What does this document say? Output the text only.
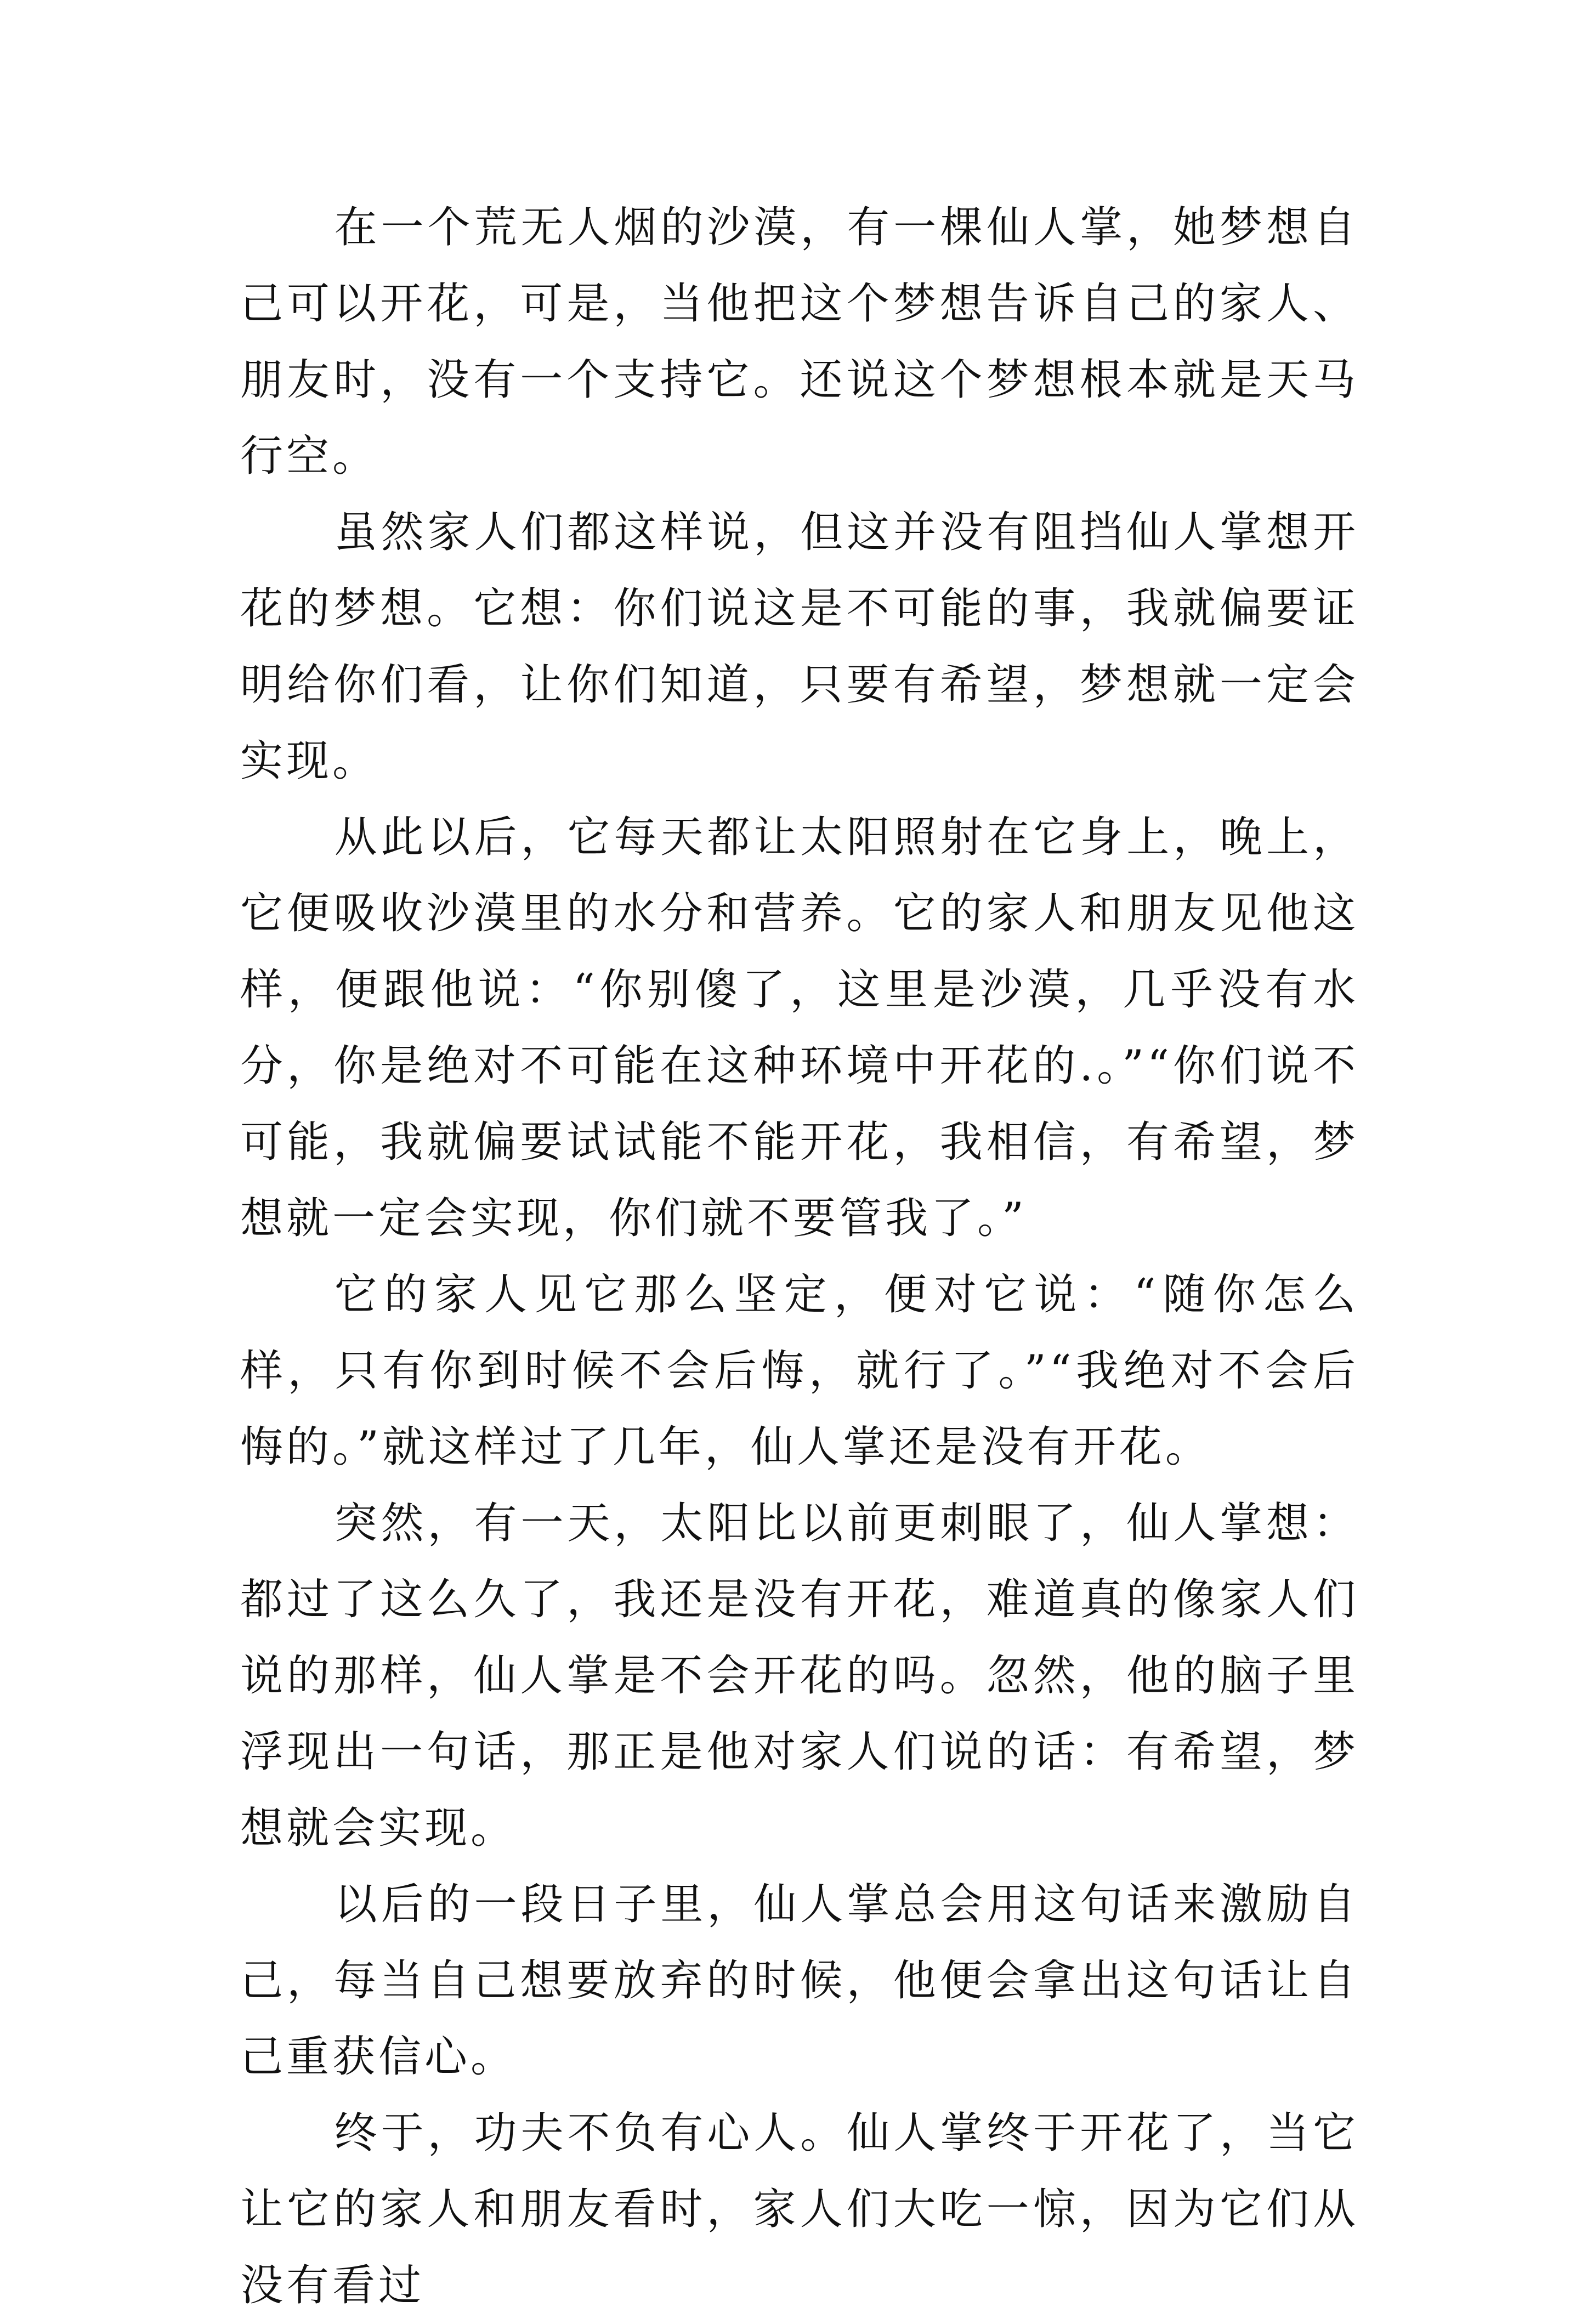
在一个荒无人烟的沙漠，有一棵仙人掌，她梦想自己可以开花，可是，当他把这个梦想告诉自己的家人、朋友时，没有一个支持它。还说这个梦想根本就是天马行空。

虽然家人们都这样说，但这并没有阻挡仙人掌想开花的梦想。它想：你们说这是不可能的事，我就偏要证明给你们看，让你们知道，只要有希望，梦想就一定会实现。

从此以后，它每天都让太阳照射在它身上，晚上，它便吸收沙漠里的水分和营养。它的家人和朋友见他这样，便跟他说：“你别傻了，这里是沙漠，几乎没有水分，你是绝对不可能在这种环境中开花的.。”“你们说不可能，我就偏要试试能不能开花，我相信，有希望，梦想就一定会实现，你们就不要管我了。”

它的家人见它那么坚定，便对它说：“随你怎么样，只有你到时候不会后悔，就行了。”“我绝对不会后悔的。”就这样过了几年，仙人掌还是没有开花。

突然，有一天，太阳比以前更刺眼了，仙人掌想：都过了这么久了，我还是没有开花，难道真的像家人们说的那样，仙人掌是不会开花的吗。忽然，他的脑子里浮现出一句话，那正是他对家人们说的话：有希望，梦想就会实现。

以后的一段日子里，仙人掌总会用这句话来激励自己，每当自己想要放弃的时候，他便会拿出这句话让自己重获信心。

终于，功夫不负有心人。仙人掌终于开花了，当它让它的家人和朋友看时，家人们大吃一惊，因为它们从没有看过
